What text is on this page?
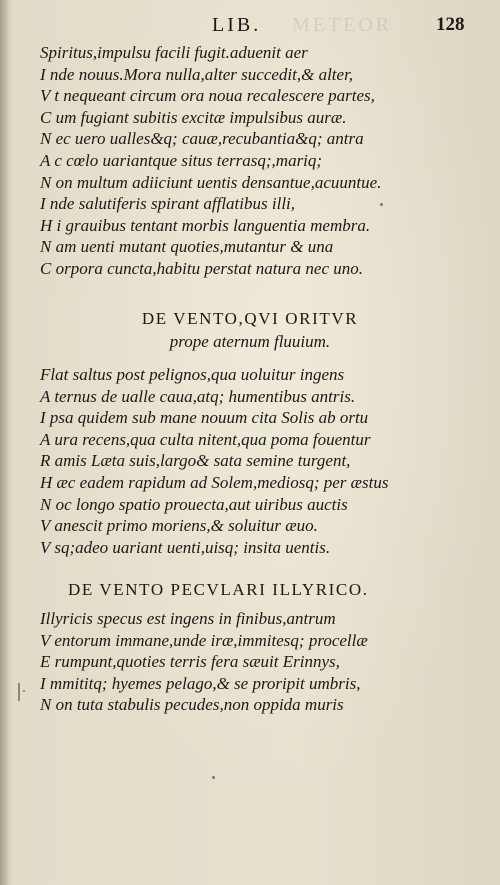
LIB. METEOR 128
Spiritus,impulsu facili fugit.aduenit aer
I nde nouus.Mora nulla,alter succedit,& alter,
V t nequeant circum ora noua recalescere partes,
C um fugiant subitis excitæ impulsibus auræ.
N ec uero ualles&q; cauæ,recubantia&q; antra
A c cœlo uariantque situs terrasq;,mariq;
N on multum adiiciunt uentis densantue,acuuntue.
I nde salutiferis spirant afflatibus illi,
H i grauibus tentant morbis languentia membra.
N am uenti mutant quoties,mutantur & una
C orpora cuncta,habitu perstat natura nec uno.
DE VENTO,QVI ORITVR
prope aternum fluuium.
Flat saltus post pelignos,qua uoluitur ingens
A ternus de ualle caua,atq; humentibus antris.
I psa quidem sub mane nouum cita Solis ab ortu
A ura recens,qua culta nitent,qua poma fouentur
R amis Læta suis,largo& sata semine turgent,
H æc eadem rapidum ad Solem,mediosq; per æstus
N oc longo spatio prouecta,aut uiribus auctis
V anescit primo moriens,& soluitur æuo.
V sq;adeo uariant uenti,uisq; insita uentis.
DE VENTO PECVLARI ILLYRICO.
Illyricis specus est ingens in finibus,antrum
V entorum immane,unde iræ,immitesq; procellæ
E rumpunt,quoties terris fera sæuit Erinnys,
I mmititq; hyemes pelago,& se proripit umbris,
N on tuta stabulis pecudes,non oppida muris
